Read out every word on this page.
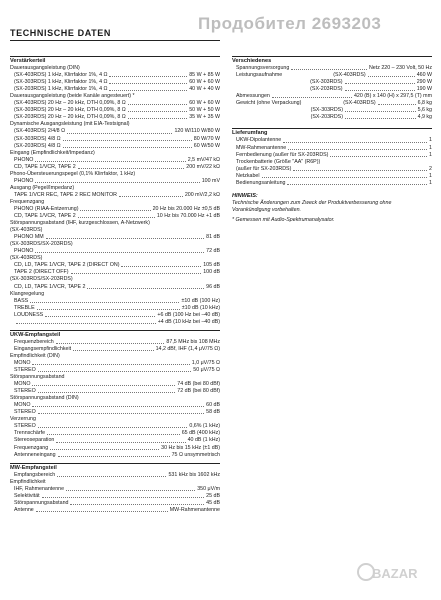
Продобител 2693203
TECHNISCHE DATEN
Verstärkerteil
Dauerausgangsleistung (DIN)
(SX-403RDS) 1 kHz, Klirrfaktor 1%, 4 Ω	85 W + 85 W
(SX-303RDS) 1 kHz, Klirrfaktor 1%, 4 Ω	60 W + 60 W
(SX-203RDS) 1 kHz, Klirrfaktor 1%, 4 Ω	40 W + 40 W
Dauerausgangsleistung (beide Kanäle angesteuert) *
(SX-403RDS) 20 Hz – 20 kHz, DTH 0,09%, 8 Ω	60 W + 60 W
(SX-303RDS) 20 Hz – 20 kHz, DTH 0,09%, 8 Ω	50 W + 50 W
(SX-203RDS) 20 Hz – 20 kHz, DTH 0,09%, 8 Ω	35 W + 35 W
Dynamische Ausgangsleistung (mit EIA-Testsignal)
(SX-403RDS) 2/4/8 Ω	120 W/110 W/80 W
(SX-303RDS) 4/8 Ω	80 W/70 W
(SX-203RDS) 4/8 Ω	60 W/50 W
Eingang (Empfindlichkeit/Impedanz)
PHONO	2,5 mV/47 kΩ
CD, TAPE 1/VCR, TAPE 2	200 mV/22 kΩ
Phono-Übersteuerungspegel (0,1% Klirrfaktor, 1 kHz)
PHONO	100 mV
Ausgang (Pegel/Impedanz)
TAPE 1/VCR REC, TAPE 2 REC MONITOR	200 mV/2,2 kΩ
Frequenzgang
PHONO (RIAA-Entzerrung)	20 Hz bis 20.000 Hz ±0,5 dB
CD, TAPE 1/VCR, TAPE 2	10 Hz bis 70.000 Hz +1 dB
Störspannungsabstand (IHF, kurzgeschlossen, A-Netzwerk)
(SX-403RDS)
PHONO MM	81 dB
(SX-303RDS/SX-203RDS)
PHONO	72 dB
(SX-403RDS)
CD, LD, TAPE 1/VCR, TAPE 2 (DIRECT ON)	105 dB
TAPE 2 (DIRECT OFF)	100 dB
(SX-303RDS/SX-203RDS)
CD, LD, TAPE 1/VCR, TAPE 2	96 dB
Klangregelung
BASS	±10 dB (100 Hz)
TREBLE	±10 dB (10 kHz)
LOUDNESS	+6 dB (100 Hz bei –40 dB)
+4 dB (10 kHz bei –40 dB)
UKW-Empfangsteil
Frequenzbereich	87,5 MHz bis 108 MHz
Eingangsempfindlichkeit	14,2 dBf, IHF (1,4 μV/75 Ω)
Empfindlichkeit (DIN)
MONO	1,0 μV/75 Ω
STEREO	50 μV/75 Ω
Störspannungsabstand
MONO	74 dB (bei 80 dBf)
STEREO	72 dB (bei 80 dBf)
Störspannungsabstand (DIN)
MONO	60 dB
STEREO	58 dB
Verzerrung
STEREO	0,6% (1 kHz)
Trennschärfe	65 dB (400 kHz)
Stereoseparation	40 dB (1 kHz)
Frequenzgang	30 Hz bis 15 kHz (±1 dB)
Antenneneingang	75 Ω unsymmetrisch
MW-Empfangsteil
Empfangsbereich	531 kHz bis 1602 kHz
Empfindlichkeit
IHF, Rahmenantenne	350 μV/m
Selektivität	25 dB
Störspannungsabstand	45 dB
Antenne	MW-Rahmenantenne
Verschiedenes
Spannungsversorgung	Netz 220 – 230 Volt, 50 Hz
Leistungsaufnahme	(SX-403RDS)	460 W
(SX-303RDS)	290 W
(SX-203RDS)	190 W
Abmessungen	420 (B) x 140 (H) x 297,5 (T) mm
Gewicht (ohne Verpackung)	(SX-403RDS)	6,8 kg
(SX-303RDS)	5,6 kg
(SX-203RDS)	4,9 kg
Lieferumfang
UKW-Dipolantenne	1
MW-Rahmenantenne	1
Fernbedienung (außer für SX-203RDS)	1
Trockenbatterie (Größe "AA" (R6P))
(außer für SX-203RDS)	2
Netzkabel	1
Bedienungsanleitung	1
HINWEIS:
Technische Änderungen zum Zweck der Produktverbesserung ohne
Vorankündigung vorbehalten.
* Gemessen mit Audio-Spektrumanalysator.
BAZAR
